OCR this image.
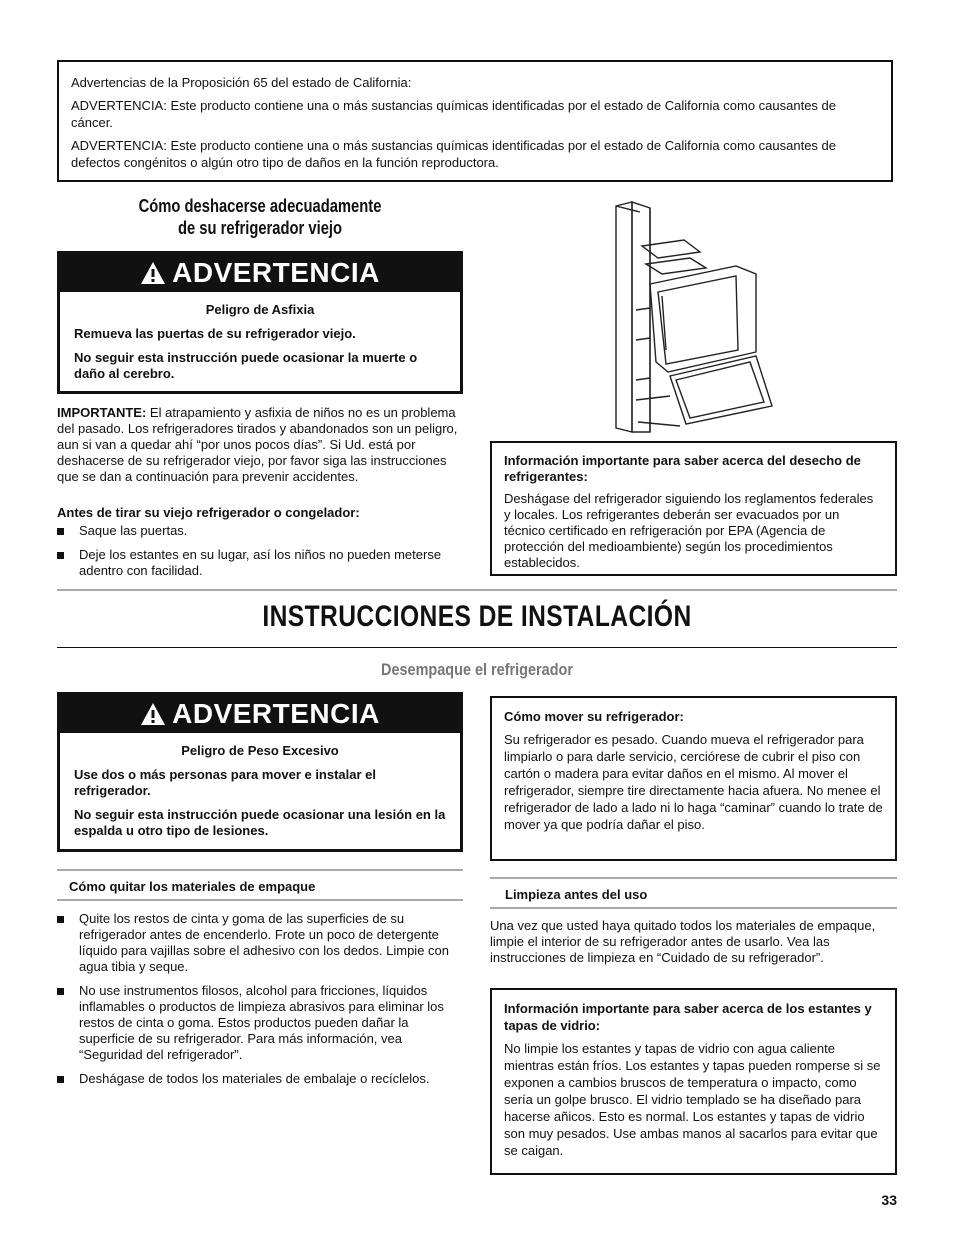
Advertencias de la Proposición 65 del estado de California:

ADVERTENCIA: Este producto contiene una o más sustancias químicas identificadas por el estado de California como causantes de cáncer.

ADVERTENCIA: Este producto contiene una o más sustancias químicas identificadas por el estado de California como causantes de defectos congénitos o algún otro tipo de daños en la función reproductora.

Cómo deshacerse adecuadamente
de su refrigerador viejo
ADVERTENCIA

Peligro de Asfixia

Remueva las puertas de su refrigerador viejo.

No seguir esta instrucción puede ocasionar la muerte o daño al cerebro.

IMPORTANTE: El atrapamiento y asfixia de niños no es un problema del pasado. Los refrigeradores tirados y abandonados son un peligro, aun si van a quedar ahí “por unos pocos días”. Si Ud. está por deshacerse de su refrigerador viejo, por favor siga las instrucciones que se dan a continuación para prevenir accidentes.
Antes de tirar su viejo refrigerador o congelador:
Saque las puertas.
Deje los estantes en su lugar, así los niños no pueden meterse adentro con facilidad.

Información importante para saber acerca del desecho de refrigerantes:

Deshágase del refrigerador siguiendo los reglamentos federales y locales. Los refrigerantes deberán ser evacuados por un técnico certificado en refrigeración por EPA (Agencia de protección del medioambiente) según los procedimientos establecidos.

INSTRUCCIONES DE INSTALACIÓN
Desempaque el refrigerador
ADVERTENCIA

Peligro de Peso Excesivo

Use dos o más personas para mover e instalar el refrigerador.

No seguir esta instrucción puede ocasionar una lesión en la espalda u otro tipo de lesiones.

Cómo mover su refrigerador:

Su refrigerador es pesado. Cuando mueva el refrigerador para limpiarlo o para darle servicio, cerciórese de cubrir el piso con cartón o madera para evitar daños en el mismo. Al mover el refrigerador, siempre tire directamente hacia afuera. No menee el refrigerador de lado a lado ni lo haga “caminar” cuando lo trate de mover ya que podría dañar el piso.

Cómo quitar los materiales de empaque
Quite los restos de cinta y goma de las superficies de su refrigerador antes de encenderlo. Frote un poco de detergente líquido para vajillas sobre el adhesivo con los dedos. Limpie con agua tibia y seque.
No use instrumentos filosos, alcohol para fricciones, líquidos inflamables o productos de limpieza abrasivos para eliminar los restos de cinta o goma. Estos productos pueden dañar la superficie de su refrigerador. Para más información, vea “Seguridad del refrigerador”.
Deshágase de todos los materiales de embalaje o recíclelos.
Limpieza antes del uso
Una vez que usted haya quitado todos los materiales de empaque, limpie el interior de su refrigerador antes de usarlo. Vea las instrucciones de limpieza en “Cuidado de su refrigerador”.

Información importante para saber acerca de los estantes y tapas de vidrio:

No limpie los estantes y tapas de vidrio con agua caliente mientras están fríos. Los estantes y tapas pueden romperse si se exponen a cambios bruscos de temperatura o impacto, como sería un golpe brusco. El vidrio templado se ha diseñado para hacerse añicos. Esto es normal. Los estantes y tapas de vidrio son muy pesados. Use ambas manos al sacarlos para evitar que se caigan.

33
